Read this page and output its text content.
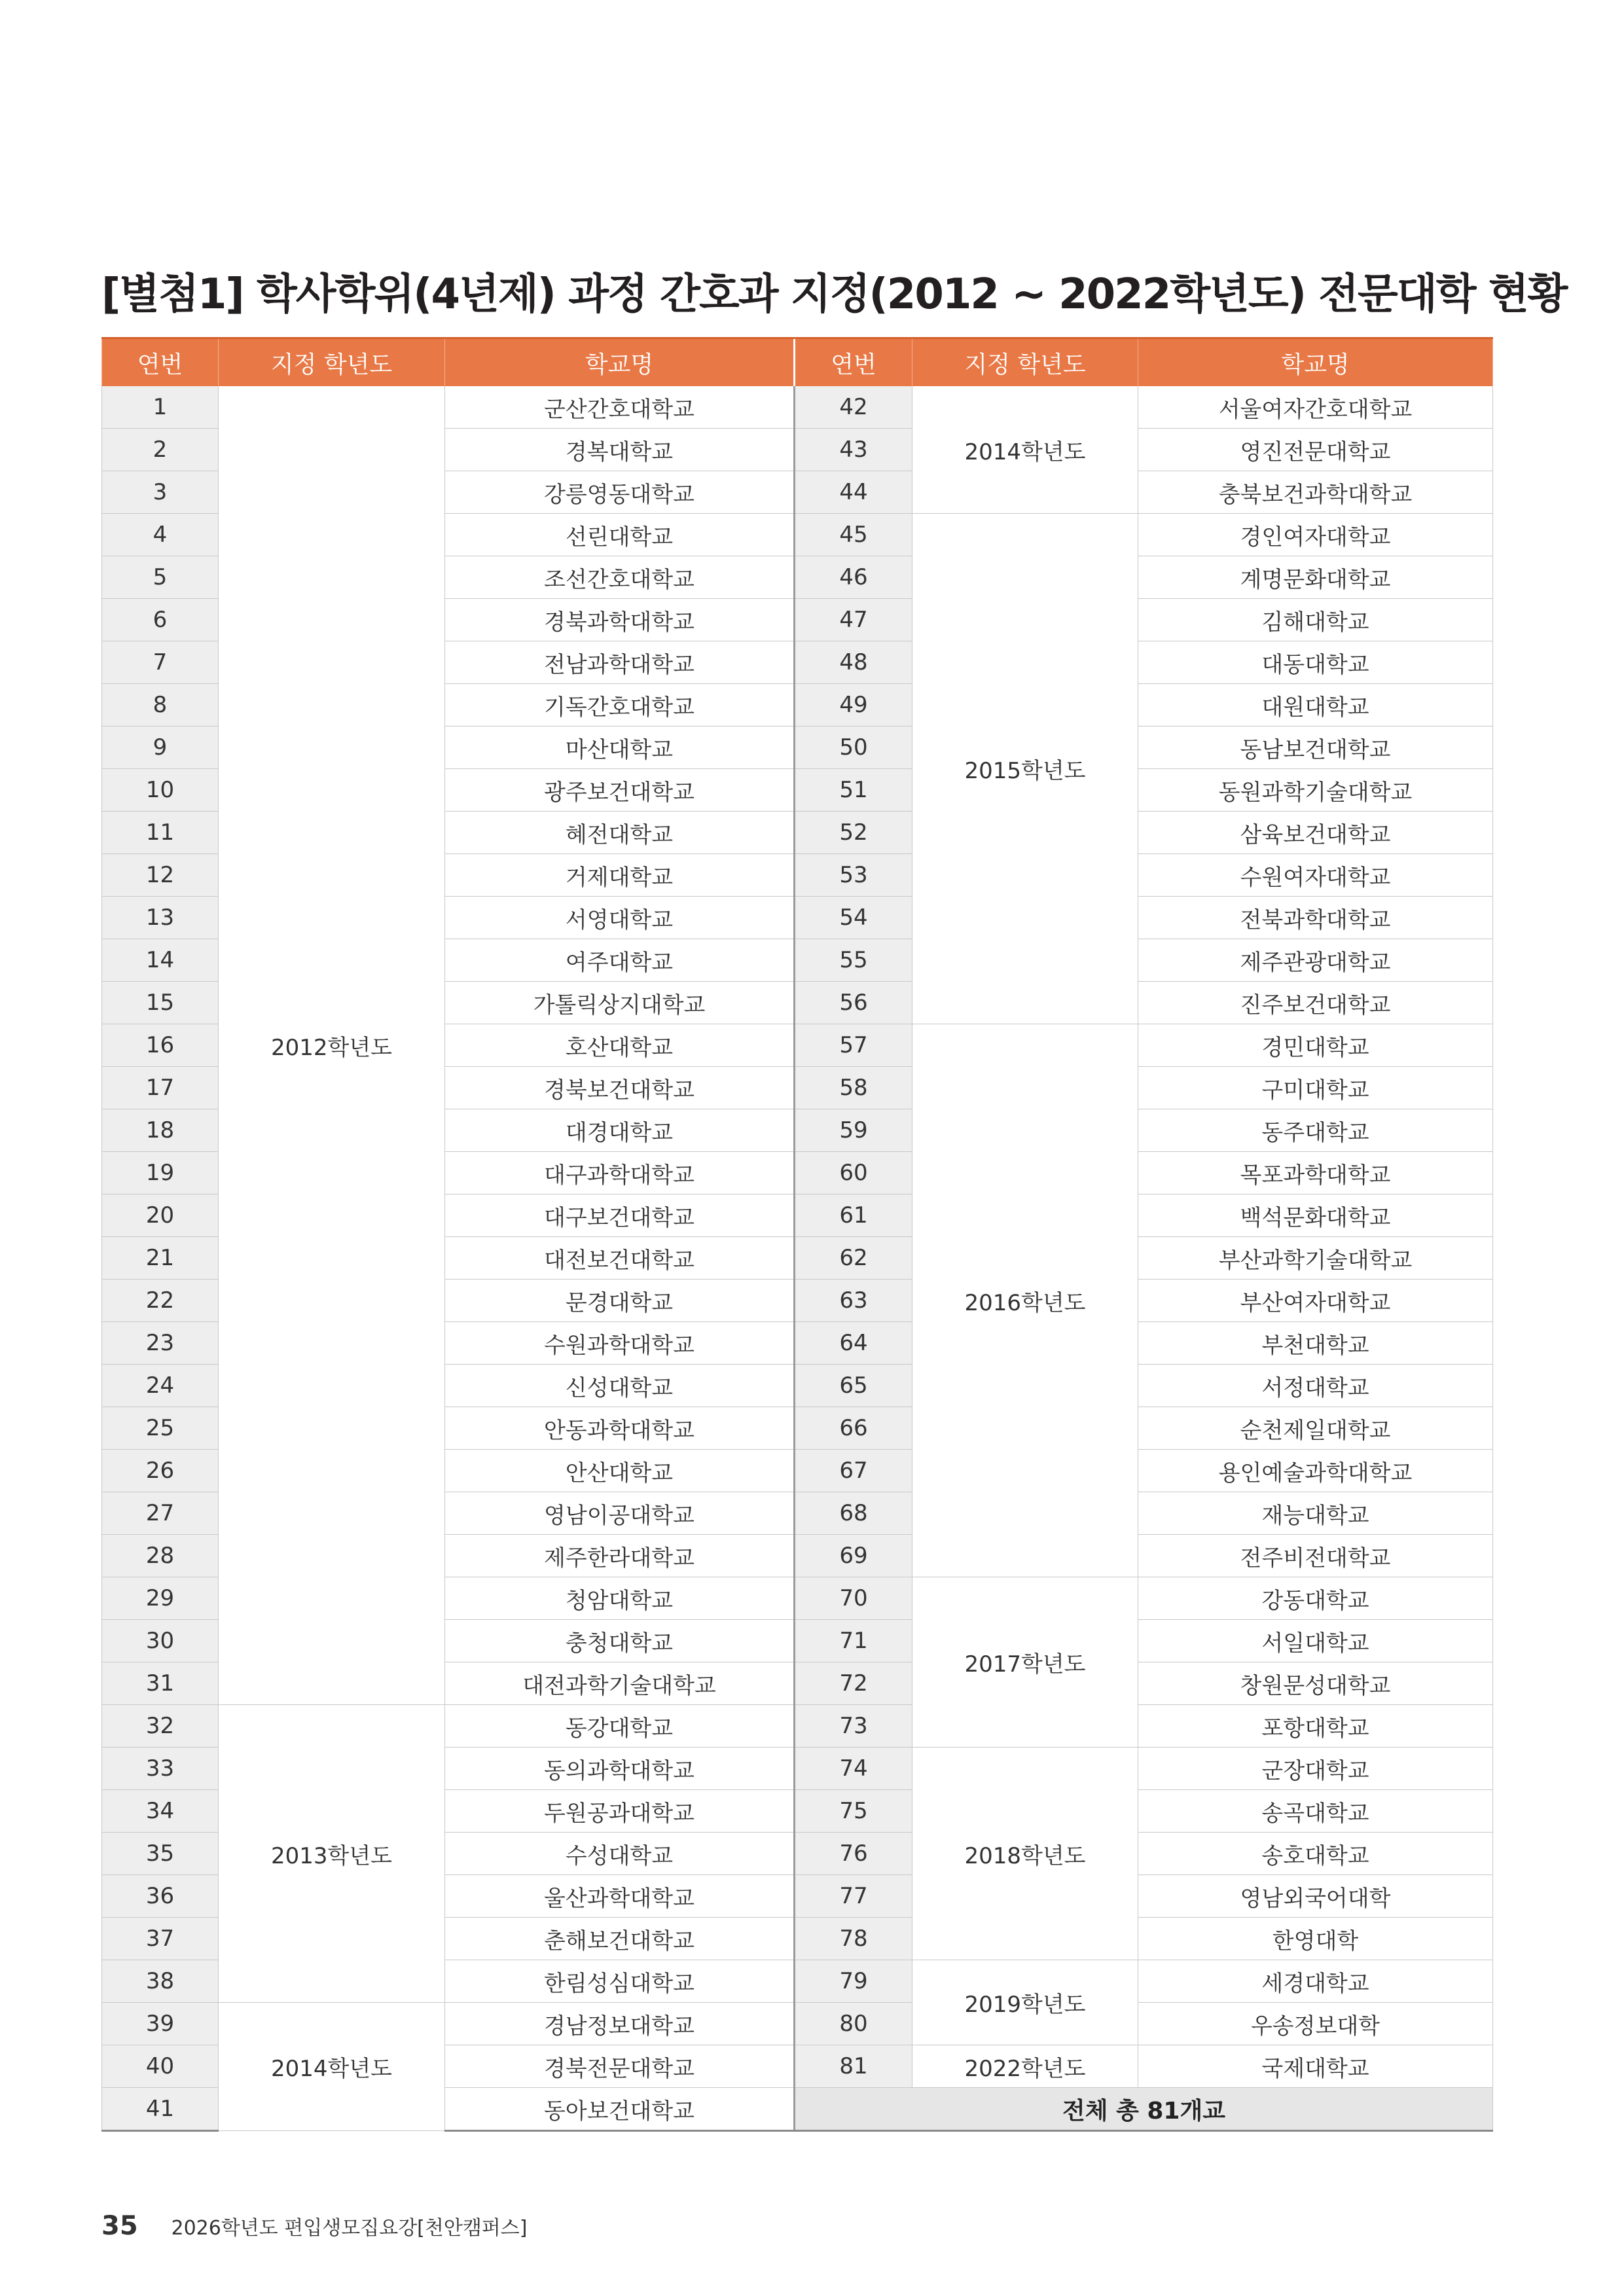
[별첨1] 학사학위(4년제) 과정 간호과 지정(2012 ~ 2022학년도) 전문대학 현황
연번	지정 학년도	학교명	연번	지정 학년도	학교명
1	2012학년도	군산간호대학교	42	2014학년도	서울여자간호대학교
2		경복대학교	43		영진전문대학교
3		강릉영동대학교	44		충북보건과학대학교
4		선린대학교	45	2015학년도	경인여자대학교
5		조선간호대학교	46		계명문화대학교
6		경북과학대학교	47		김해대학교
7		전남과학대학교	48		대동대학교
8		기독간호대학교	49		대원대학교
9		마산대학교	50		동남보건대학교
10		광주보건대학교	51		동원과학기술대학교
11		혜전대학교	52		삼육보건대학교
12		거제대학교	53		수원여자대학교
13		서영대학교	54		전북과학대학교
14		여주대학교	55		제주관광대학교
15		가톨릭상지대학교	56		진주보건대학교
16		호산대학교	57	2016학년도	경민대학교
17		경북보건대학교	58		구미대학교
18		대경대학교	59		동주대학교
19		대구과학대학교	60		목포과학대학교
20		대구보건대학교	61		백석문화대학교
21		대전보건대학교	62		부산과학기술대학교
22		문경대학교	63		부산여자대학교
23		수원과학대학교	64		부천대학교
24		신성대학교	65		서정대학교
25		안동과학대학교	66		순천제일대학교
26		안산대학교	67		용인예술과학대학교
27		영남이공대학교	68		재능대학교
28		제주한라대학교	69		전주비전대학교
29		청암대학교	70	2017학년도	강동대학교
30		충청대학교	71		서일대학교
31		대전과학기술대학교	72		창원문성대학교
32	2013학년도	동강대학교	73		포항대학교
33		동의과학대학교	74	2018학년도	군장대학교
34		두원공과대학교	75		송곡대학교
35		수성대학교	76		송호대학교
36		울산과학대학교	77		영남외국어대학
37		춘해보건대학교	78		한영대학
38		한림성심대학교	79	2019학년도	세경대학교
39	2014학년도	경남정보대학교	80		우송정보대학
40		경북전문대학교	81	2022학년도	국제대학교
41		동아보건대학교	전체 총 81개교		
35 2026학년도 편입생모집요강[천안캠퍼스]
